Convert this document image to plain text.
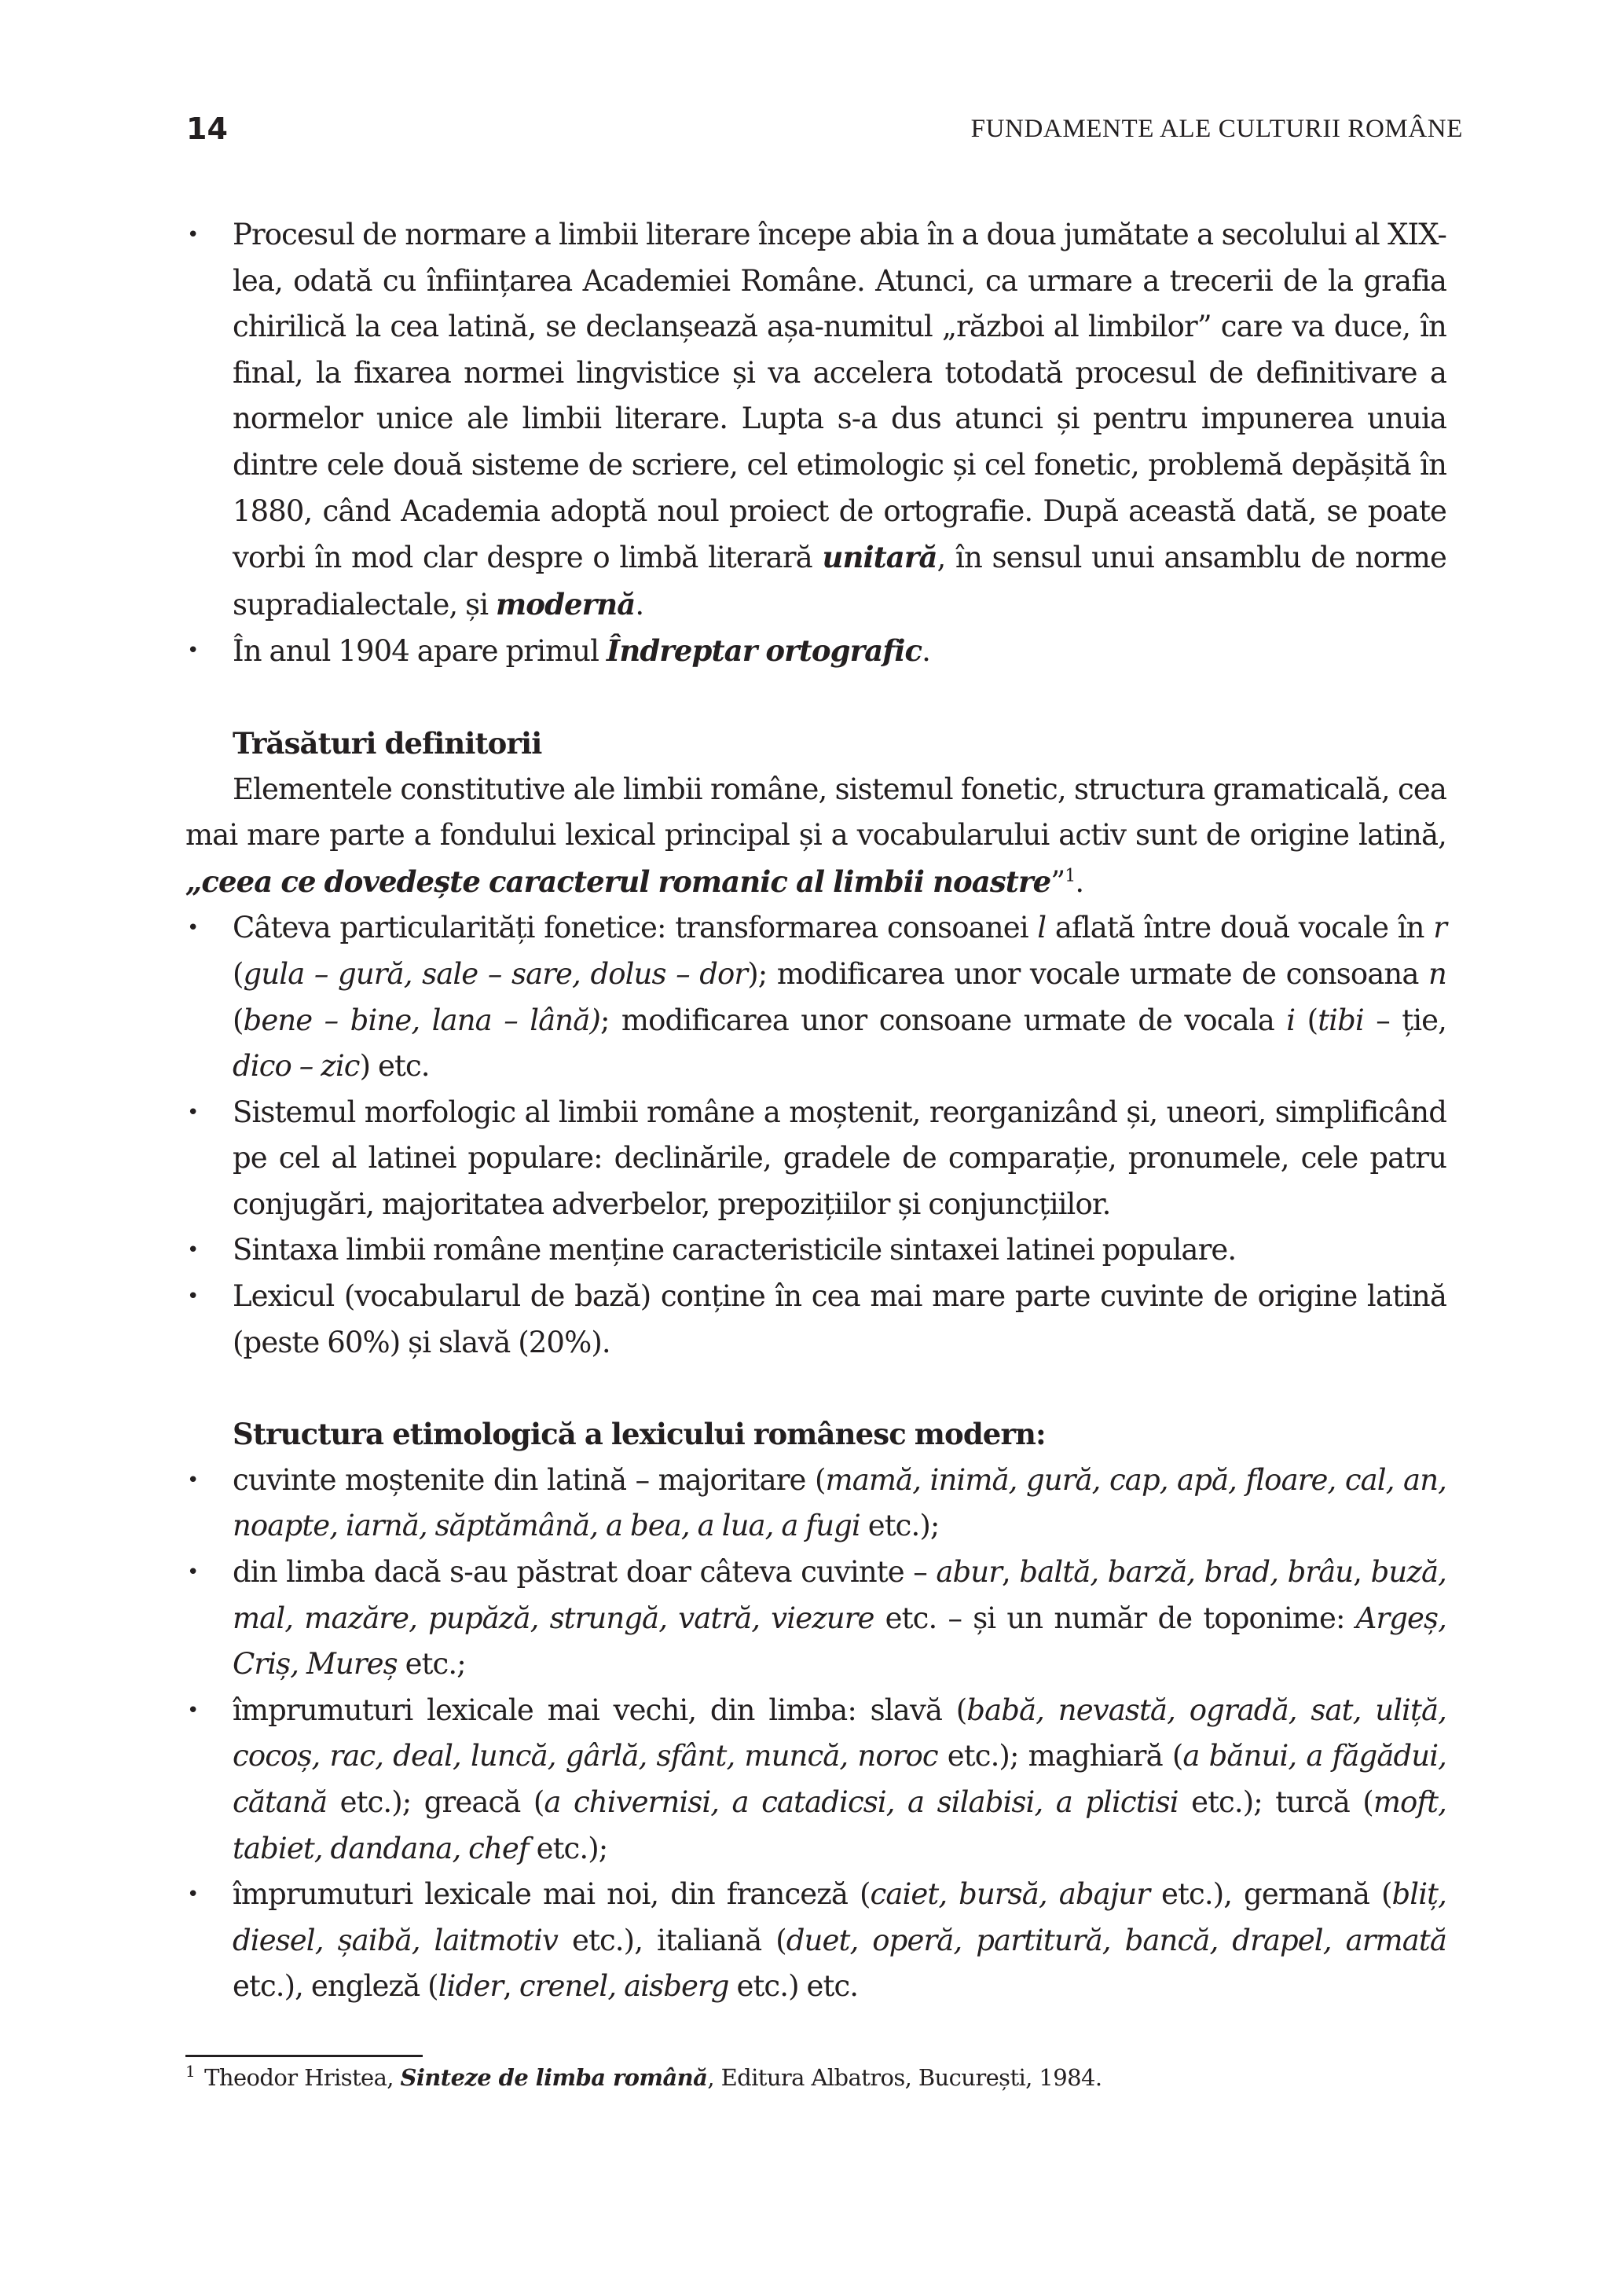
14	FUNDAMENTE ALE CULTURII ROMÂNE
• Procesul de normare a limbii literare începe abia în a doua jumătate a secolului al XIX-lea, odată cu înființarea Academiei Române. Atunci, ca urmare a trecerii de la grafia chirilică la cea latină, se declanșează așa-numitul „război al limbilor” care va duce, în final, la fixarea normei lingvistice și va accelera totodată procesul de definitivare a normelor unice ale limbii literare. Lupta s-a dus atunci și pentru impunerea unuia dintre cele două sisteme de scriere, cel etimologic și cel fonetic, problemă depășită în 1880, când Academia adoptă noul proiect de ortografie. După această dată, se poate vorbi în mod clar despre o limbă literară unitară, în sensul unui ansamblu de norme supradialectale, și modernă.
• În anul 1904 apare primul Îndreptar ortografic.

Trăsături definitorii

Elementele constitutive ale limbii române, sistemul fonetic, structura gramaticală, cea mai mare parte a fondului lexical principal și a vocabularului activ sunt de origine latină, „ceea ce dovedește caracterul romanic al limbii noastre”$^1$.

• Câteva particularități fonetice: transformarea consoanei l aflată între două vocale în r (gula – gură, sale – sare, dolus – dor); modificarea unor vocale urmate de consoana n (bene – bine, lana – lână); modificarea unor consoane urmate de vocala i (tibi – ție, dico – zic) etc.
• Sistemul morfologic al limbii române a moștenit, reorganizând și, uneori, simplificând pe cel al latinei populare: declinările, gradele de comparație, pronumele, cele patru conjugări, majoritatea adverbelor, prepozițiilor și conjuncțiilor.
• Sintaxa limbii române menține caracteristicile sintaxei latinei populare.
• Lexicul (vocabularul de bază) conține în cea mai mare parte cuvinte de origine latină (peste 60%) și slavă (20%).

Structura etimologică a lexicului românesc modern:

• cuvinte moștenite din latină – majoritare (mamă, inimă, gură, cap, apă, floare, cal, an, noapte, iarnă, săptămână, a bea, a lua, a fugi etc.);
• din limba dacă s-au păstrat doar câteva cuvinte – abur, baltă, barză, brad, brâu, buză, mal, mazăre, pupăză, strungă, vatră, viezure etc. – și un număr de toponime: Argeș, Criș, Mureș etc.;
• împrumuturi lexicale mai vechi, din limba: slavă (babă, nevastă, ogradă, sat, uliță, cocoș, rac, deal, luncă, gârlă, sfânt, muncă, noroc etc.); maghiară (a bănui, a făgădui, cătană etc.); greacă (a chivernisi, a catadicsi, a silabisi, a plictisi etc.); turcă (moft, tabiet, dandana, chef etc.);
• împrumuturi lexicale mai noi, din franceză (caiet, bursă, abajur etc.), germană (bliț, diesel, șaibă, laitmotiv etc.), italiană (duet, operă, partitură, bancă, drapel, armată etc.), engleză (lider, crenel, aisberg etc.) etc.
$^1$ Theodor Hristea, Sinteze de limba română, Editura Albatros, București, 1984.
